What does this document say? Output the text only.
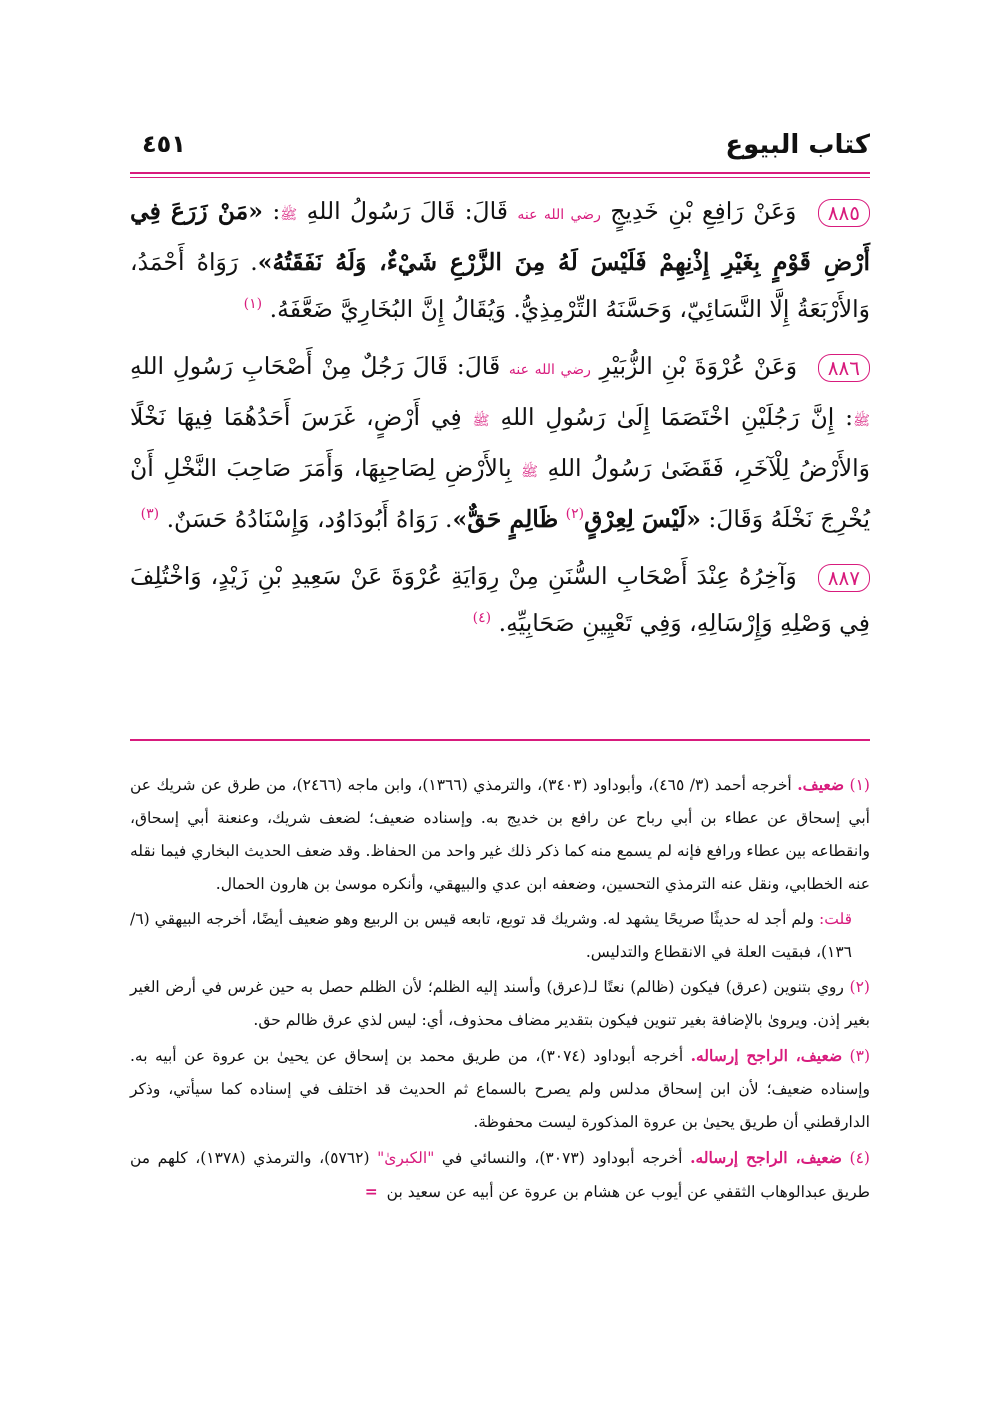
كتاب البيوع
٤٥١

٨٨٥ وَعَنْ رَافِعِ بْنِ خَدِيجٍ رضي الله عنه قَالَ: قَالَ رَسُولُ اللهِ ﷺ: «مَنْ زَرَعَ فِي أَرْضِ قَوْمٍ بِغَيْرِ إِذْنِهِمْ فَلَيْسَ لَهُ مِنَ الزَّرْعِ شَيْءٌ، وَلَهُ نَفَقَتُهُ». رَوَاهُ أَحْمَدُ، وَالأَرْبَعَةُ إِلَّا النَّسَائِيّ، وَحَسَّنَهُ التِّرْمِذِيُّ. وَيُقَالُ إِنَّ البُخَارِيَّ ضَعَّفَهُ. $^{(١)}$

٨٨٦ وَعَنْ عُرْوَةَ بْنِ الزُّبَيْرِ رضي الله عنه قَالَ: قَالَ رَجُلٌ مِنْ أَصْحَابِ رَسُولِ اللهِ ﷺ: إِنَّ رَجُلَيْنِ اخْتَصَمَا إِلَىٰ رَسُولِ اللهِ ﷺ فِي أَرْضٍ، غَرَسَ أَحَدُهُمَا فِيهَا نَخْلًا وَالأَرْضُ لِلْآخَرِ، فَقَضَىٰ رَسُولُ اللهِ ﷺ بِالأَرْضِ لِصَاحِبِهَا، وَأَمَرَ صَاحِبَ النَّخْلِ أَنْ يُخْرِجَ نَخْلَهُ وَقَالَ: «لَيْسَ لِعِرْقٍ$^{(٢)}$ ظَالِمٍ حَقٌّ». رَوَاهُ أَبُودَاوُد، وَإِسْنَادُهُ حَسَنٌ. $^{(٣)}$

٨٨٧ وَآخِرُهُ عِنْدَ أَصْحَابِ السُّنَنِ مِنْ رِوَايَةِ عُرْوَةَ عَنْ سَعِيدِ بْنِ زَيْدٍ، وَاخْتُلِفَ فِي وَصْلِهِ وَإِرْسَالِهِ، وَفِي تَعْيِينِ صَحَابِيِّهِ. $^{(٤)}$

(١) ضعيف. أخرجه أحمد (٣/ ٤٦٥)، وأبوداود (٣٤٠٣)، والترمذي (١٣٦٦)، وابن ماجه (٢٤٦٦)، من طرق عن شريك عن أبي إسحاق عن عطاء بن أبي رباح عن رافع بن خديج به. وإسناده ضعيف؛ لضعف شريك، وعنعنة أبي إسحاق، وانقطاعه بين عطاء ورافع فإنه لم يسمع منه كما ذكر ذلك غير واحد من الحفاظ. وقد ضعف الحديث البخاري فيما نقله عنه الخطابي، ونقل عنه الترمذي التحسين، وضعفه ابن عدي والبيهقي، وأنكره موسىٰ بن هارون الحمال.

قلت: ولم أجد له حديثًا صريحًا يشهد له. وشريك قد توبع، تابعه قيس بن الربيع وهو ضعيف أيضًا، أخرجه البيهقي (٦/ ١٣٦)، فبقيت العلة في الانقطاع والتدليس.

(٢) روي بتنوين (عرق) فيكون (ظالم) نعتًا لـ(عرق) وأسند إليه الظلم؛ لأن الظلم حصل به حين غرس في أرض الغير بغير إذن. ويروىٰ بالإضافة بغير تنوين فيكون بتقدير مضاف محذوف، أي: ليس لذي عرق ظالم حق.

(٣) ضعيف، الراجح إرساله. أخرجه أبوداود (٣٠٧٤)، من طريق محمد بن إسحاق عن يحيىٰ بن عروة عن أبيه به. وإسناده ضعيف؛ لأن ابن إسحاق مدلس ولم يصرح بالسماع ثم الحديث قد اختلف في إسناده كما سيأتي، وذكر الدارقطني أن طريق يحيىٰ بن عروة المذكورة ليست محفوظة.

(٤) ضعيف، الراجح إرساله. أخرجه أبوداود (٣٠٧٣)، والنسائي في "الكبرىٰ" (٥٧٦٢)، والترمذي (١٣٧٨)، كلهم من طريق عبدالوهاب الثقفي عن أيوب عن هشام بن عروة عن أبيه عن سعيد بن =
